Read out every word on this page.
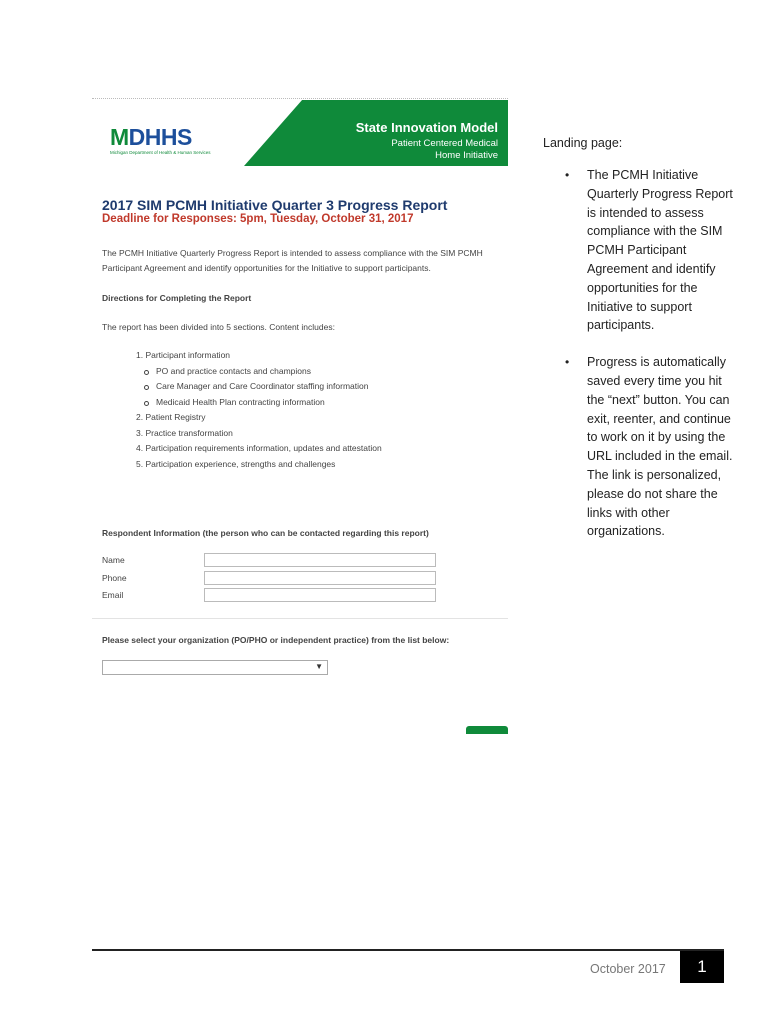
MDHHS
Michigan Department of Health & Human Services
State Innovation Model
Patient Centered Medical
Home Initiative
2017 SIM PCMH Initiative Quarter 3 Progress Report
Deadline for Responses: 5pm, Tuesday, October 31, 2017
The PCMH Initiative Quarterly Progress Report is intended to assess compliance with the SIM PCMH
Participant Agreement and identify opportunities for the Initiative to support participants.
Directions for Completing the Report
The report has been divided into 5 sections. Content includes:
1. Participant information
PO and practice contacts and champions
Care Manager and Care Coordinator staffing information
Medicaid Health Plan contracting information
2. Patient Registry
3. Practice transformation
4. Participation requirements information, updates and attestation
5. Participation experience, strengths and challenges
Respondent Information (the person who can be contacted regarding this report)
Name
Phone
Email
Please select your organization (PO/PHO or independent practice) from the list below:
▼
Landing page:
• The PCMH Initiative Quarterly Progress Report is intended to assess compliance with the SIM PCMH Participant Agreement and identify opportunities for the Initiative to support participants.
• Progress is automatically saved every time you hit the “next” button. You can exit, reenter, and continue to work on it by using the URL included in the email. The link is personalized, please do not share the links with other organizations.
October 2017	1
